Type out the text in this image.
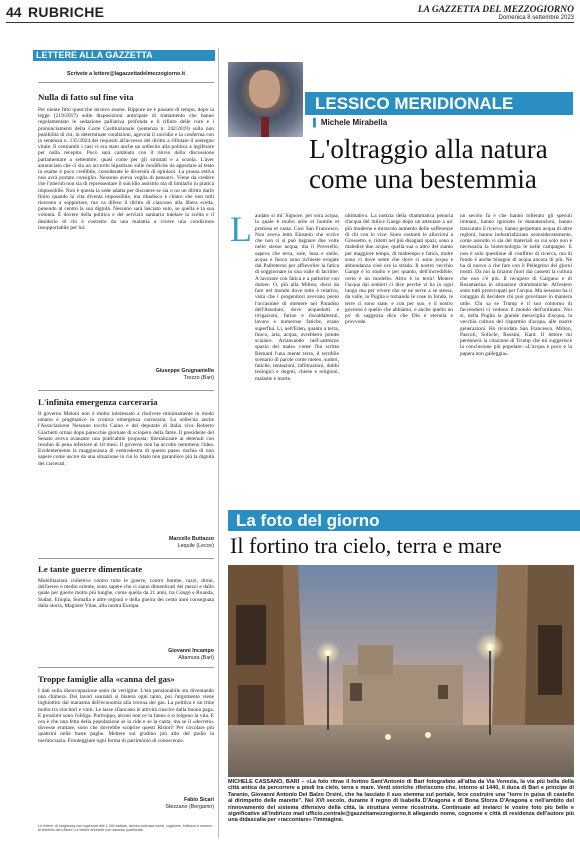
44 RUBRICHE	LA GAZZETTA DEL MEZZOGIORNO
Domenica 8 settembre 2023
LETTERE ALLA GAZZETTA
Scrivete a lettere@lagazzettadelmezzogiorno.it
Nulla di fatto sul fine vita

Per niente fitto quest'che dovevo essere. Rippure ne è passato di tempo, dopo la legge (219/2017) sulle disposizioni anticipate di trattamento che hanno regolamentato le sedazione palliativa profonda e il rifiuto delle cure e i pronunciamenti della Corte Costituzionale (sentenza n. 242/2019) sulla non punibilità di chi, in determinate condizioni, agevola il suicidio e la conferma con la sentenza n. 135/2024 dei requisiti all'accesso del diritto a rifiutare il sostegno vitale. Il centrambi i casi vi era stato anche un sollecito alla politica a legiferare per nulla recepito. Poco sarà cambiato con il rinvio della discussione parlamentare a settembre, quasi come per gli struttati e a scuola. L'aver annunciato che ci sia un accordo bipartisan sulle modifiche da apportare al testo in esame è poco credibile, considerate le diversità di opinioni. La prassa estiva non avrà portato consiglio. Nessuno aveva voglia di pensarci. Viene da credere che l'interim non sia di repressentare il suicidio assistito ma di limitarlo in pratica impossibile. Non è questa la sede adatta per discutere se sia o no un diritto darlo finito quando la vita diventa impossibile, ma ribadisco è chiaro che non tutti riescono a sopportare, ma va difeso il diritto di ciascuno alla libera scelta, ponendo al centro la sua dignità. Nessuno sarà lasciato solo, se quella è la sua volontà. È dovere della politica e del servizio sanitario tutelare la scelta e il desiderio di chi è costretto da una malattia a vivere una condizione insopportabile per lui.

Giuseppe Grugnaniello
Trezzo (Bari)
L'infinita emergenza carceraria

Il governo Meloni non è molto interessato a risolvere minimamente in modo umano e pragmatico la cronica emergenza carceraria. Lo sollecita anche l'Associazione Nessuno tocchi Caino e del deputato di Italia viva Roberto Giachetti ormai dopo parecchie giornate di sciopero della fame. Il presidente del Senato aveva avanzato una praticabile proposta: liberalizzare ai detenuti con residuo di pena inferiore ai 18 mesi. Il governo non ha accolto nemmeno l'idea. Evidentemente la maggioranza di centrodestra di questo passo rischia di non sapere come uscire da una situazione in cui lo Stato non garantisce più la dignità dei carcerati.

Marcello Buttazzo
Lequile (Lecce)
Le tante guerre dimenticate

Mobilitazioni collettive contro tutte le guerre, contro bombe, razzi, droni, dell'aereo e medio oriente, sono sapere che ci siano dimenticati dei mezzi e dallo quale per guerre molto più lunghe, come quella da 21 anni, tra Congo e Ruanda, Sudan, Etiopia, Somalia e altre regioni e della guerra dei cento anni consegnata dalla storia, Magister Vitae, alla nostra Europa.

Giovanni Incampo
Altamura (Bari)
Troppe famiglie alla «canna del gas»

I dati sulla disoccupazione sono da vertigine. L'età pensionabile sta diventando una chimera. Dei lavori usuranti si blatera ogni tanto, poi l'argomento viene inghiottito dal marasma dell'economia alla corona del gas. La politica è un trine molto tra vincitori e vinti. Le tasse sfiancano le attività riuscire dalla buona paga. E prossimi sono l'obliga. Purtroppo, alcuni non ce la fanno e si tolgono la vita. E ora è che una fetta della popolazione se la ride e se la canta, ma se il «decreto» dovesse eruttare, sono che dovrebbe scoprire questi Ristori! Per circolare più quattrini nelle buste paghe. Mettere sul gradino più alto del podio la meritocrazia. Fronteggiare ogni forma di patrimonio di conoscenze.

Fabio Sicari
Stezzano (Bergamo)
Le lettere, di lunghezza non superiore alle 1.000 battute, devono indicare nome, cognome, indirizzo e numero di telefono del Lettore. Le lettere anonime non saranno pubblicate.
LESSICO MERIDIONALE
▌ Michele Mirabella
L'oltraggio alla natura come una bestemmia
L audato si mi' Signore, per sora acqua, la quale è multo utile et humile et pretiosa et casta. Così San Francesco. Non aveva letto Einstein che scrive che non ci si può bagnare due volte nello stesso acqua, ma il Poverello, sapeva che terra, sole, luna e stelle, acqua e fuoco sono richieste erogate dal Padreterno per affievolire la fatica di soggiornare in una valle di lacrime. A lavorare con fatica e a partorire con dolore. O, più alla Milton, dorsi da fare nel mondo dove tutto è relativo, vista che i progenitori avevano perso l'occasione di ottenere nel Paradiso dell'Assoluto, dove acquedotti e irrigazioni, furine e riscaldamenti, lavoro e numerose fatiche, erano superflui. Li, nell'Eden, quanto a terra, fuoco, aria, acqua, avrebbero potuto scialare. Arrancando nell'«attrezzo spazio del male» come l'ha scritto Bernard l'una mente terra, il terribile scenario di parole come meteo, sudori, fatiche, tentazioni, infiltrazioni, dubbi teologici e dogmi, chiese e religioni, malattie e morte.

ultimativo. La notizia della drammatica penuria d'acqua del milice Gange dopo un attentare a un' più moderne e miracolo aumento delle sofferenze di chi con lo vive. Sono costumi le alluvioni a Grossetto, e, ridotti nel più disagiati spazi, sono a maledire due acque, quella sua o altro del siamo per maggiore tempo, di maltempo e fatica, molte sono ci dove sente che dove ci sono acqua e abbondanza cioè ora la strada. Il nostro vecchio Gange è lo studio e per quanto, dell'incredibile, certo è un modello. Altro è lo terra! Mentre l'acqua dai sentieri ci dice perché vi ha in ogni luogo ma per vivere che se ne serve a se stessa, da valle, in Puglia e tornando le cose in fondo, le terre ci sono state, e con per suo, e il nostro governo è quello che abbiamo, e anche quello un po' di saggezza dice che Dio è eternità e provvede.

un secolo fa e che hanno tollerato gli speculi immani, hanno ignorato le manutenzioni, hanno trascurato il ricerco, hanno perpetrato acqua di altre regioni, hanno industrializzato sconsideratamente, come assurdo vi sia dei materiali su cui solo non è necessaria la biotecnologia le nelle campagne. E non è solo questione di conflitto di ricerca, ma di fondo è anche bisogno di acqua ancora di più. Ne ha di nuovo a che fare con il Pellegrino dei giorni nostri. Da noi la tiriamo fuori dai cassetti la cultura che non c'è più. Il recupero di Gargano e di Rosamarina in situazioni drammatiche. All'estero sono tutti preoccupati per l'acqua. Ma nessuno ha il coraggio di decidere chi può governare in maniera utile. Chi sa se Trump è il suo contorno di faccendieri ci vedono il mondo dell'ordinato. Noi sì, nella Puglia la grande meraviglia d'acqua, la vecchia cultura del risparmio d'acqua, alle nostre generazioni. Ho ricordato San Francesco, Milton, Pascoli, Sofocle, Rossini, Kant. Il lettore mi perdonerà la citazione di Trump che mi suggerisce la conclusione più popolare: «L'acqua è poco e la papera non galleggia».

La foto del giorno
Il fortino tra cielo, terra e mare
MICHELE CASSANO, BARI – «La foto ritrae il fortino Sant'Antonio di Bari fotografato all'alba da Via Venezia, la via più bella della città antica da percorrere a piedi tra cielo, terra e mare. Venti storiche riferiscono che, intorno al 1440, il duca di Bari e principe di Taranto, Giovanni Antonio Del Balzo Orsini, che ha lasciato il suo stemma sul portale, fece costruire una "torre in guisa di castello al dirimpetto delle marette". Nel XVI secolo, durante il regno di Isabella D'Aragona e di Bona Sforza D'Aragona e nell'ambito del rinnovamento del sistema difensivo della città, la struttura venne ricostruita. Continuate ad inviarci le vostre foto più belle e significative all'indirizzo mail ufficio.centrale@gazzettamezzogiorno.it allegando nome, cognome e città di residenza dell'autore più una didascalia per «raccontare» l'immagine.
